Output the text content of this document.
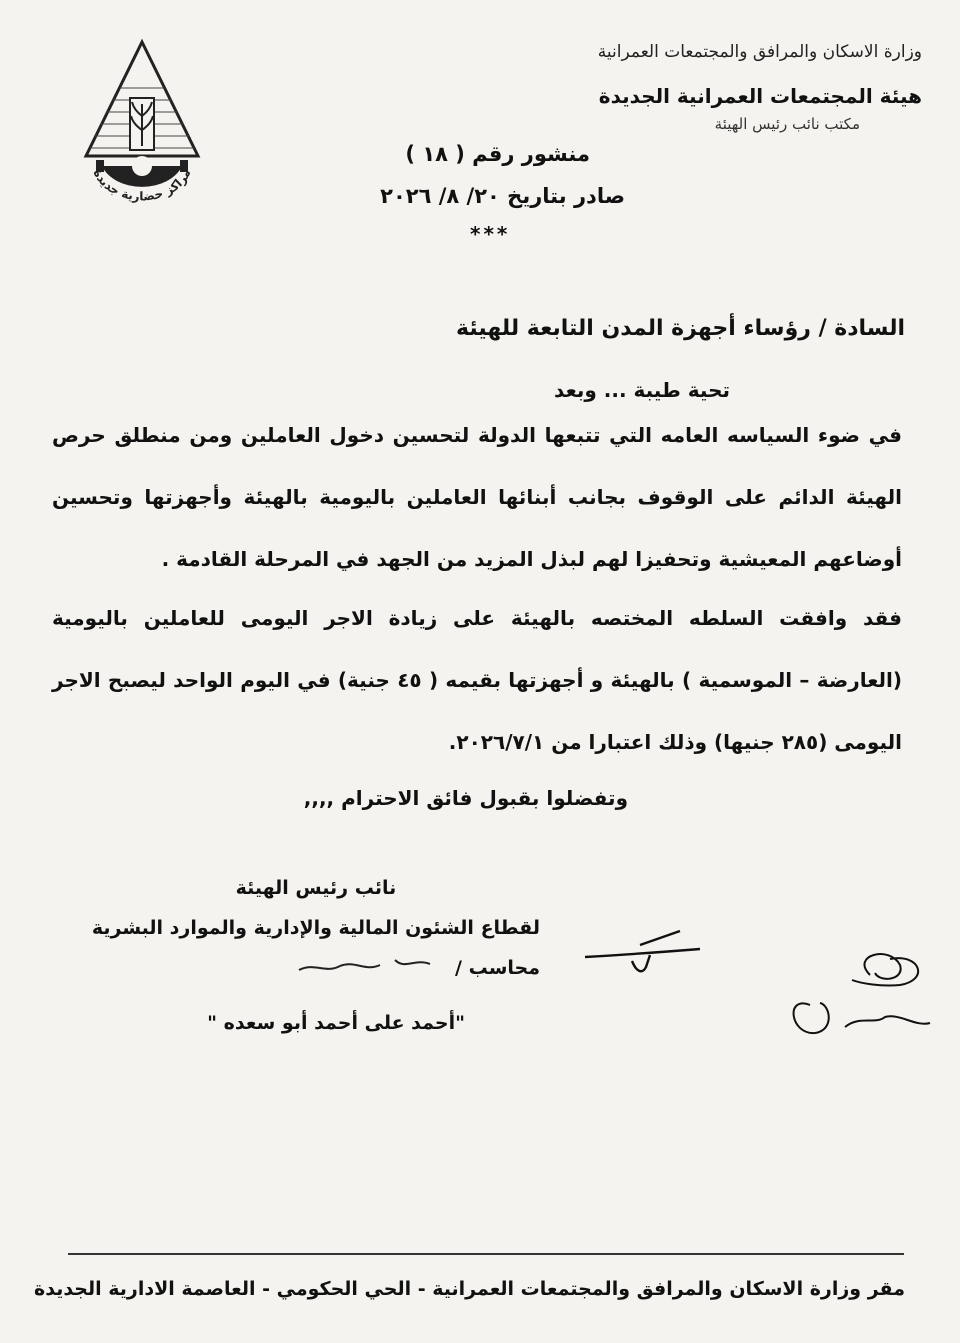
مراكز حضارية جديدة
وزارة الاسكان والمرافق والمجتمعات العمرانية
هيئة المجتمعات العمرانية الجديدة
مكتب نائب رئيس الهيئة
منشور رقم ( ١٨ )
صادر بتاريخ ٢٠/ ٨/ ٢٠٢٦
***
السادة / رؤساء أجهزة المدن التابعة للهيئة
تحية طيبة ... وبعد
في ضوء السياسه العامه التي تتبعها الدولة لتحسين دخول العاملين ومن منطلق حرص الهيئة الدائم على الوقوف بجانب أبنائها العاملين باليومية بالهيئة وأجهزتها وتحسين أوضاعهم المعيشية وتحفيزا لهم لبذل المزيد من الجهد في المرحلة القادمة .
فقد وافقت السلطه المختصه بالهيئة على زيادة الاجر اليومى للعاملين باليومية (العارضة – الموسمية ) بالهيئة و أجهزتها بقيمه ( ٤٥ جنية) في اليوم الواحد ليصبح الاجر اليومى (٢٨٥ جنيها) وذلك اعتبارا من ٢٠٢٦/٧/١.
وتفضلوا بقبول فائق الاحترام ,,,,
نائب رئيس الهيئة
لقطاع الشئون المالية والإدارية والموارد البشرية
محاسب /
"أحمد على أحمد أبو سعده "
مقر وزارة الاسكان والمرافق والمجتمعات العمرانية - الحي الحكومي - العاصمة الادارية الجديدة
